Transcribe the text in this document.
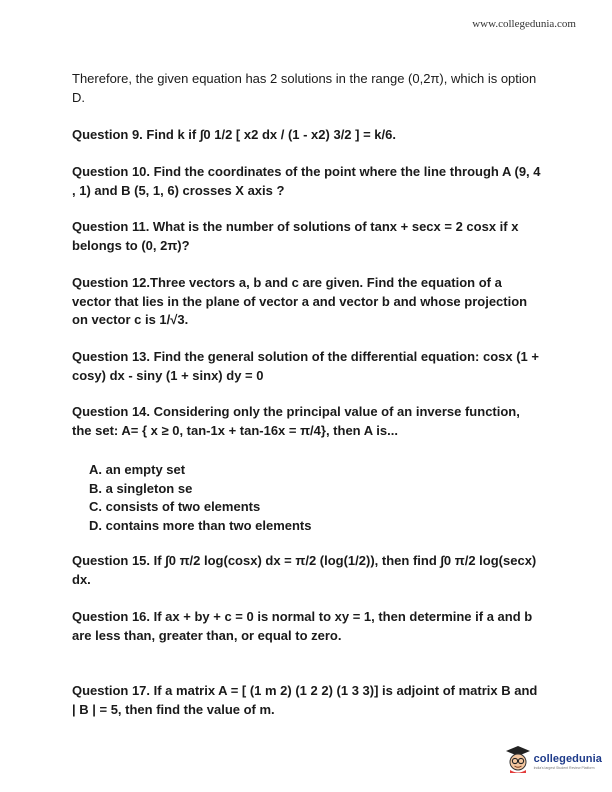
www.collegedunia.com

Therefore, the given equation has 2 solutions in the range (0,2π), which is option D.

Question 9. Find k if ∫0 1/2 [ x2 dx / (1 - x2) 3/2 ] = k/6.

Question 10. Find the coordinates of the point where the line through A (9, 4 , 1) and B (5, 1, 6) crosses X axis ?

Question 11. What is the number of solutions of tanx + secx = 2 cosx if x belongs to (0, 2π)?

Question 12.Three vectors a, b and c are given. Find the equation of a vector that lies in the plane of vector a and vector b and whose projection on vector c is 1/√3.

Question 13. Find the general solution of the differential equation: cosx (1 + cosy) dx - siny (1 + sinx) dy = 0

Question 14. Considering only the principal value of an inverse function, the set: A= { x ≥ 0, tan-1x + tan-16x = π/4}, then A is...

A. an empty set
B. a singleton se
C. consists of two elements
D. contains more than two elements

Question 15. If ∫0 π/2 log(cosx) dx = π/2 (log(1/2)), then find ∫0 π/2 log(secx) dx.

Question 16. If ax + by + c = 0 is normal to xy = 1, then determine if a and b are less than, greater than, or equal to zero.

Question 17. If a matrix A = [ (1 m 2) (1 2 2) (1 3 3)] is adjoint of matrix B and | B | = 5, then find the value of m.

collegedunia
India's largest Student Review Platform
